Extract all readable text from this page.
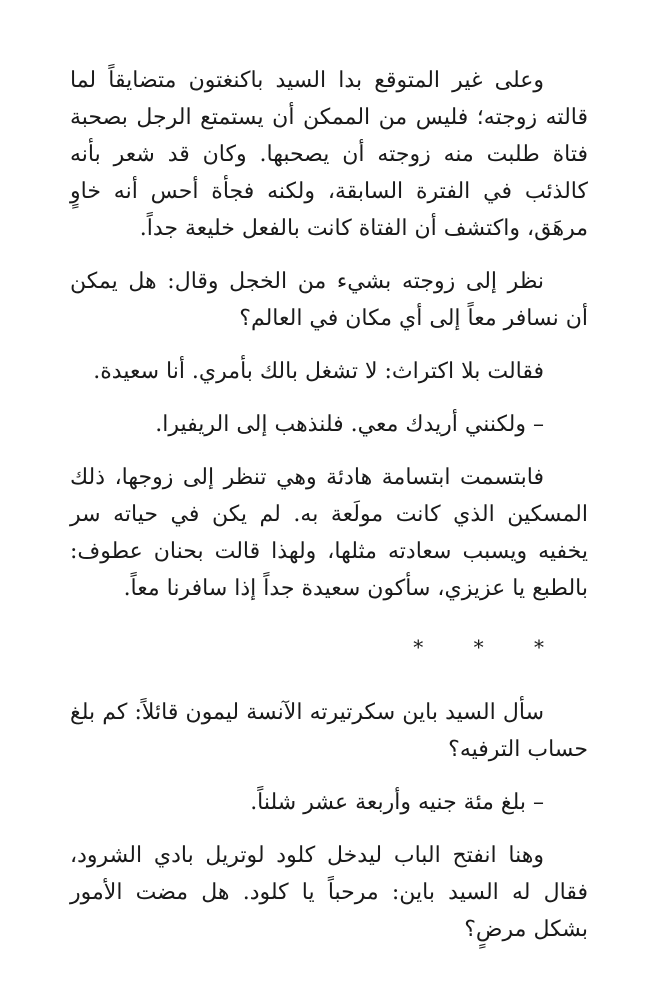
وعلى غير المتوقع بدا السيد باكنغتون متضايقاً لما قالته زوجته؛ فليس من الممكن أن يستمتع الرجل بصحبة فتاة طلبت منه زوجته أن يصحبها. وكان قد شعر بأنه كالذئب في الفترة السابقة، ولكنه فجأة أحس أنه خاوٍ مرهَق، واكتشف أن الفتاة كانت بالفعل خليعة جداً.

نظر إلى زوجته بشيء من الخجل وقال: هل يمكن أن نسافر معاً إلى أي مكان في العالم؟

فقالت بلا اكتراث: لا تشغل بالك بأمري. أنا سعيدة.

– ولكنني أريدك معي. فلنذهب إلى الريفيرا.

فابتسمت ابتسامة هادئة وهي تنظر إلى زوجها، ذلك المسكين الذي كانت مولَعة به. لم يكن في حياته سر يخفيه ويسبب سعادته مثلها، ولهذا قالت بحنان عطوف: بالطبع يا عزيزي، سأكون سعيدة جداً إذا سافرنا معاً.

* * *

سأل السيد باين سكرتيرته الآنسة ليمون قائلاً: كم بلغ حساب الترفيه؟

– بلغ مئة جنيه وأربعة عشر شلناً.

وهنا انفتح الباب ليدخل كلود لوتريل بادي الشرود، فقال له السيد باين: مرحباً يا كلود. هل مضت الأمور بشكل مرضٍ؟
